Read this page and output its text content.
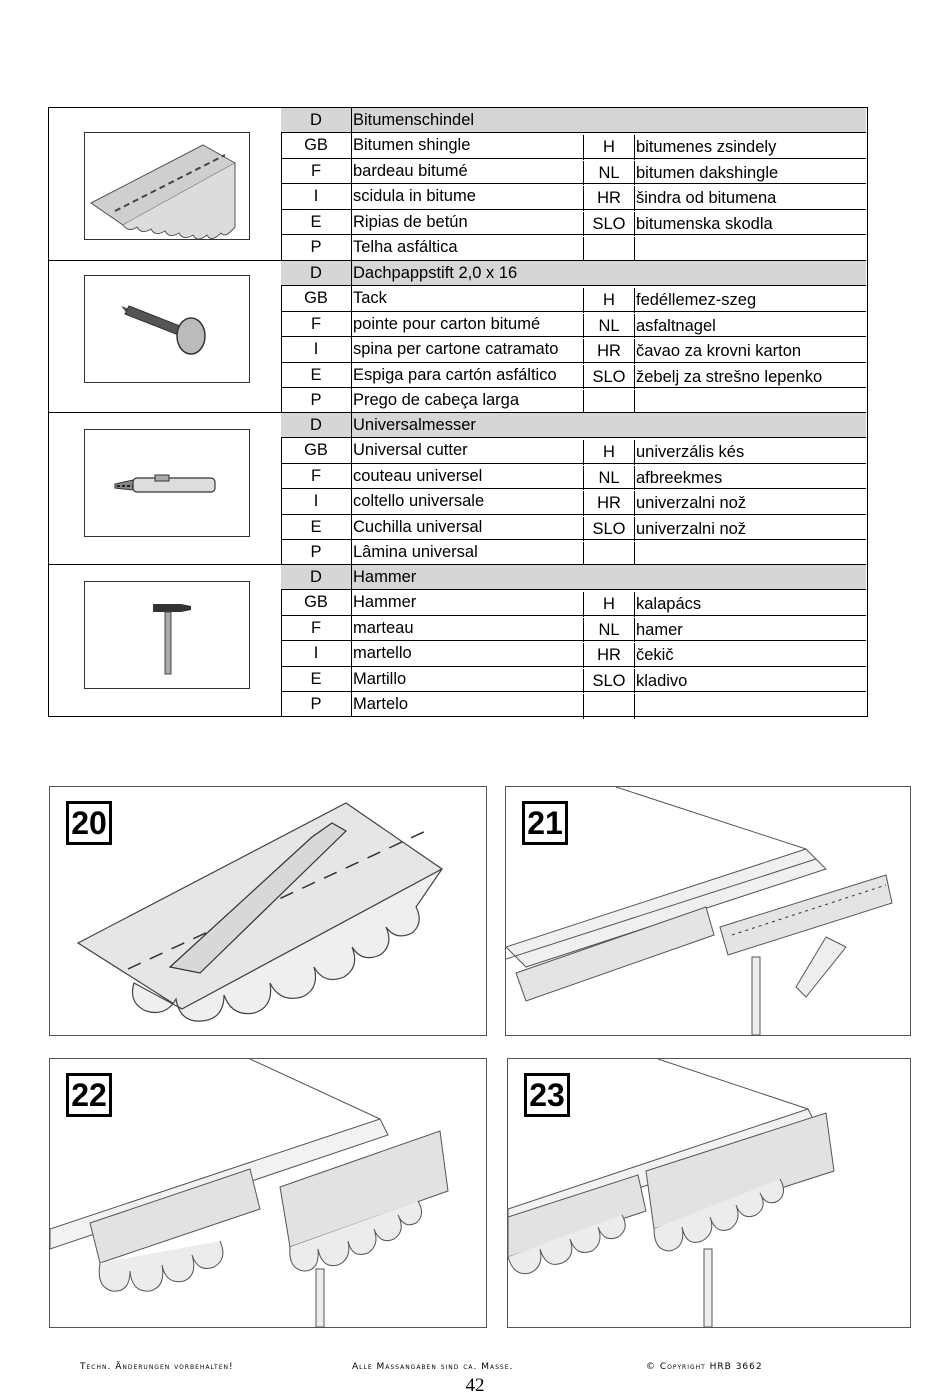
D	Bitumenschindel
GB	Bitumen shingle	H	bitumenes zsindely
F	bardeau bitumé	NL bitumen dakshingle
I	scidula in bitume	HR šindra od bitumena
E	Ripias de betún	SLO bitumenska skodla
P	Telha asfáltica
D	Dachpappstift 2,0 x 16
GB	Tack	H	fedéllemez-szeg
F	pointe pour carton bitumé	NL asfaltnagel
I	spina per cartone catramato	HR čavao za krovni karton
E	Espiga para cartón asfáltico	SLO žebelj za strešno lepenko
P	Prego de cabeça larga
D	Universalmesser
GB	Universal cutter	H	univerzális kés
F	couteau universel	NL afbreekmes
I	coltello universale	HR univerzalni nož
E	Cuchilla universal	SLO univerzalni nož
P	Lâmina universal
D	Hammer
GB	Hammer	H	kalapács
F	marteau	NL hamer
I	martello	HR čekič
E	Martillo	SLO kladivo
P	Martelo
20	21
22	23
Techn. Änderungen vorbehalten!	Alle Massangaben sind ca. Masse.	© Copyright HRB 3662
42
